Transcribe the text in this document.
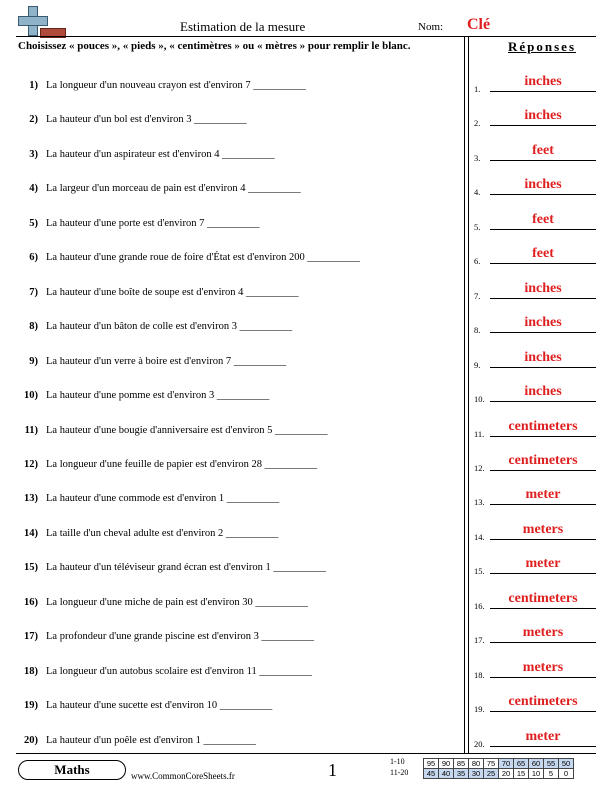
Estimation de la mesure	Nom: Clé
Choisissez « pouces », « pieds », « centimètres » ou « mètres » pour remplir le blanc.	Réponses
1) La longueur d'un nouveau crayon est d'environ 7 __________
2) La hauteur d'un bol est d'environ 3 __________
3) La hauteur d'un aspirateur est d'environ 4 __________
4) La largeur d'un morceau de pain est d'environ 4 __________
5) La hauteur d'une porte est d'environ 7 __________
6) La hauteur d'une grande roue de foire d'État est d'environ 200 __________
7) La hauteur d'une boîte de soupe est d'environ 4 __________
8) La hauteur d'un bâton de colle est d'environ 3 __________
9) La hauteur d'un verre à boire est d'environ 7 __________
10) La hauteur d'une pomme est d'environ 3 __________
11) La hauteur d'une bougie d'anniversaire est d'environ 5 __________
12) La longueur d'une feuille de papier est d'environ 28 __________
13) La hauteur d'une commode est d'environ 1 __________
14) La taille d'un cheval adulte est d'environ 2 __________
15) La hauteur d'un téléviseur grand écran est d'environ 1 __________
16) La longueur d'une miche de pain est d'environ 30 __________
17) La profondeur d'une grande piscine est d'environ 3 __________
18) La longueur d'un autobus scolaire est d'environ 11 __________
19) La hauteur d'une sucette est d'environ 10 __________
20) La hauteur d'un poêle est d'environ 1 __________
1.	inches
2.	inches
3.	feet
4.	inches
5.	feet
6.	feet
7.	inches
8.	inches
9.	inches
10.	inches
11.	centimeters
12.	centimeters
13.	meter
14.	meters
15.	meter
16.	centimeters
17.	meters
18.	meters
19.	centimeters
20.	meter
Maths	www.CommonCoreSheets.fr	1	1-10
11-20
95	90	85	80	75	70	65	60	55	50
45	40	35	30	25	20	15	10	5	0
